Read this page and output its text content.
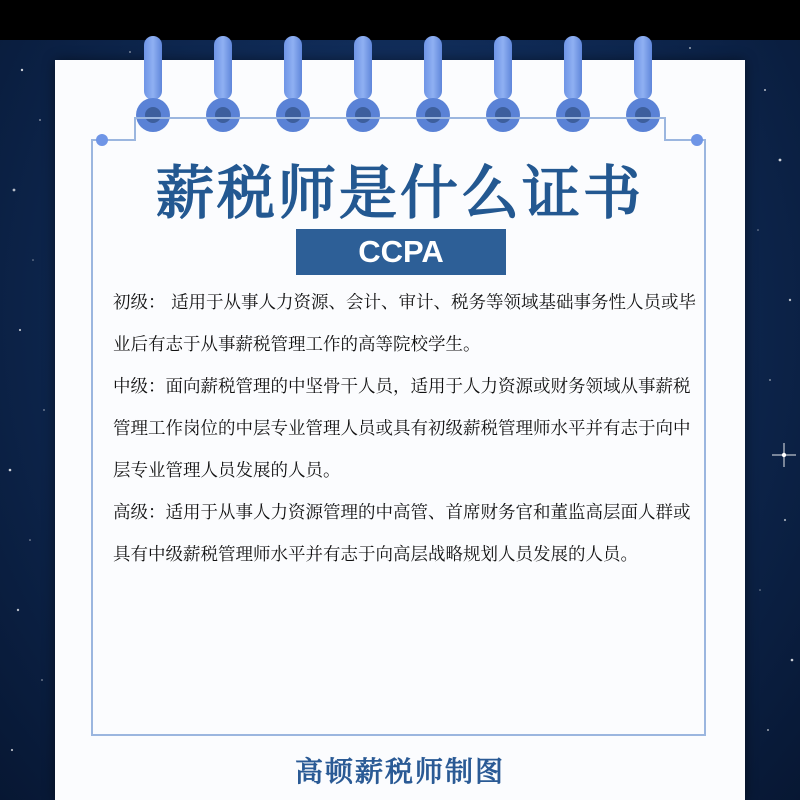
薪税师是什么证书
CCPA

初级： 适用于从事人力资源、会计、审计、税务等领域基础事务性人员或毕业后有志于从事薪税管理工作的高等院校学生。

中级：面向薪税管理的中坚骨干人员，适用于人力资源或财务领域从事薪税管理工作岗位的中层专业管理人员或具有初级薪税管理师水平并有志于向中层专业管理人员发展的人员。

高级：适用于从事人力资源管理的中高管、首席财务官和董监高层面人群或具有中级薪税管理师水平并有志于向高层战略规划人员发展的人员。

高顿薪税师制图
